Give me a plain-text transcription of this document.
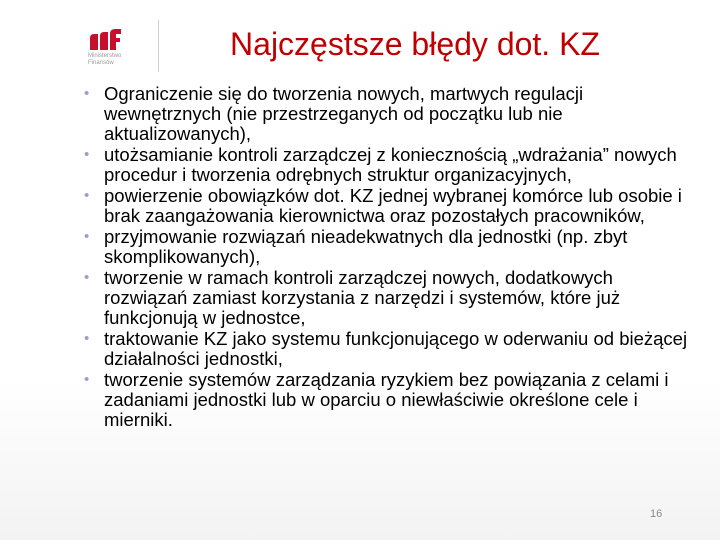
Ministerstwo
Finansów
Najczęstsze błędy dot. KZ
• Ograniczenie się do tworzenia nowych, martwych regulacji wewnętrznych (nie przestrzeganych od początku lub nie aktualizowanych),
• utożsamianie kontroli zarządczej z koniecznością „wdrażania” nowych procedur i tworzenia odrębnych struktur organizacyjnych,
• powierzenie obowiązków dot. KZ jednej wybranej komórce lub osobie i brak zaangażowania kierownictwa oraz pozostałych pracowników,
• przyjmowanie rozwiązań nieadekwatnych dla jednostki (np. zbyt skomplikowanych),
• tworzenie w ramach kontroli zarządczej nowych, dodatkowych rozwiązań zamiast korzystania z narzędzi i systemów, które już funkcjonują w jednostce,
• traktowanie KZ jako systemu funkcjonującego w oderwaniu od bieżącej działalności jednostki,
• tworzenie systemów zarządzania ryzykiem bez powiązania z celami i zadaniami jednostki lub w oparciu o niewłaściwie określone cele i mierniki.
16
